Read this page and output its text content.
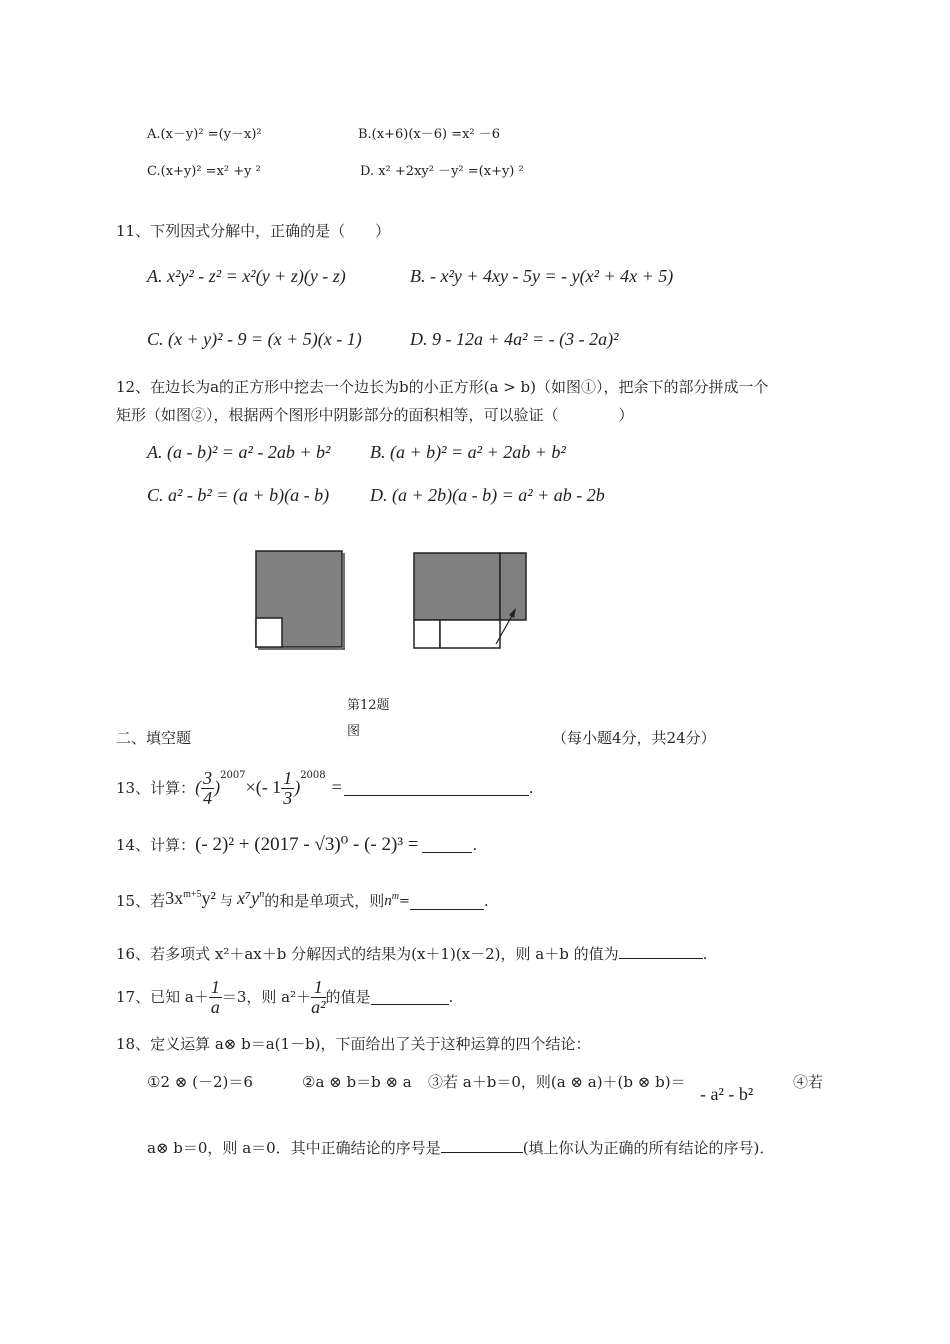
A.(x－y)² =(y－x)²	B.(x+6)(x－6) =x² －6
C.(x+y)² =x² +y ²	D. x² +2xy² －y² =(x+y) ²
11、下列因式分解中，正确的是（　　）
A. x²y² - z² = x²(y + z)(y - z)	B. - x²y + 4xy - 5y = - y(x² + 4x + 5)
C. (x + y)² - 9 = (x + 5)(x - 1)	D. 9 - 12a + 4a² = - (3 - 2a)²
12、在边长为a的正方形中挖去一个边长为b的小正方形(a > b)（如图①），把余下的部分拼成一个
矩形（如图②），根据两个图形中阴影部分的面积相等，可以验证（　　　　）
A. (a - b)² = a² - 2ab + b² B. (a + b)² = a² + 2ab + b²
C. a² - b² = (a + b)(a - b) D. (a + 2b)(a - b) = a² + ab - 2b
第12题
图
二、填空题	（每小题4分，共24分）
13、计算： ( $\frac{3}{4}$ )
$^{2007}$
×(- $1 \frac{1}{3}$ )
$^{2008}$
=	.
14、计算： (- 2)² + (2017 - √3)⁰ - (- 2)³ =	.
15、若 $3x^{m+5}y^2$ 与 $x^7y^n$ 的和是单项式，则 $n^m$ =	.
16、若多项式 x²＋ax＋b 分解因式的结果为(x＋1)(x－2)，则 a＋b 的值为	.
17、已知 $a+ \frac{1}{a} =3$，则 $a^2+ \frac{1}{\text{a²}}$ 的值是	.
18、定义运算 a⊗ b＝a(1－b)，下面给出了关于这种运算的四个结论：
①2 ⊗ (－2)＝6	②a ⊗ b＝b ⊗ a ③若 a＋b＝0，则(a ⊗ a)＋(b ⊗ b)＝
- a² - b²
④若
a⊗ b＝0，则 a＝0．其中正确结论的序号是	(填上你认为正确的所有结论的序号)．
